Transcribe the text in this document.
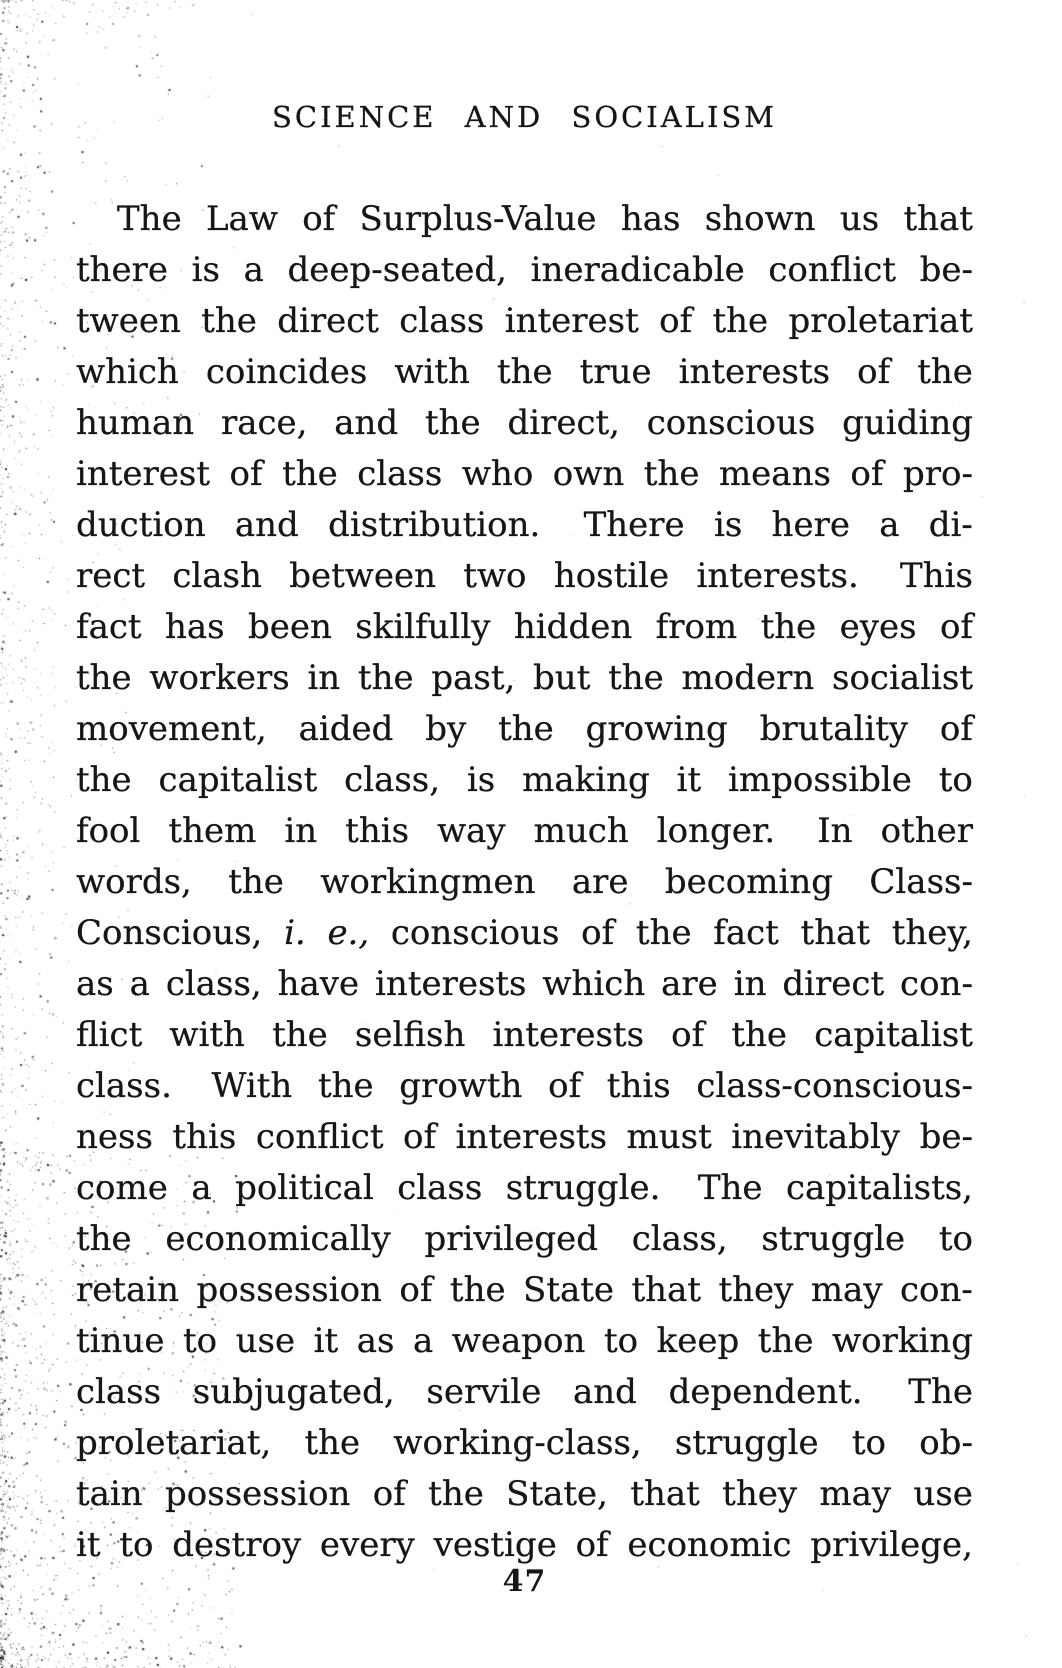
SCIENCE AND SOCIALISM
The Law of Surplus-Value has shown us that
there is a deep-seated, ineradicable conflict be-
tween the direct class interest of the proletariat
which coincides with the true interests of the
human race, and the direct, conscious guiding
interest of the class who own the means of pro-
duction and distribution. There is here a di-
rect clash between two hostile interests. This
fact has been skilfully hidden from the eyes of
the workers in the past, but the modern socialist
movement, aided by the growing brutality of
the capitalist class, is making it impossible to
fool them in this way much longer. In other
words, the workingmen are becoming Class-
Conscious, i. e., conscious of the fact that they,
as a class, have interests which are in direct con-
flict with the selfish interests of the capitalist
class. With the growth of this class-conscious-
ness this conflict of interests must inevitably be-
come a political class struggle. The capitalists,
the economically privileged class, struggle to
retain possession of the State that they may con-
tinue to use it as a weapon to keep the working
class subjugated, servile and dependent. The
proletariat, the working-class, struggle to ob-
tain possession of the State, that they may use
it to destroy every vestige of economic privilege,
47
